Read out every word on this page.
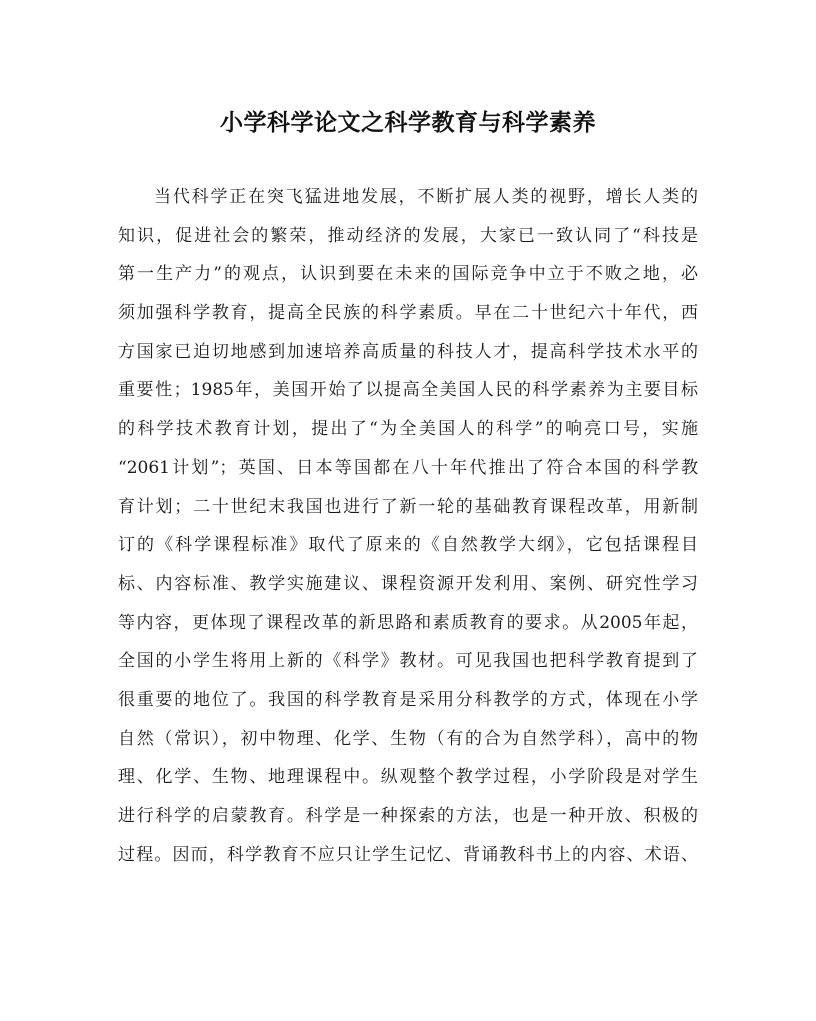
小学科学论文之科学教育与科学素养
当代科学正在突飞猛进地发展，不断扩展人类的视野，增长人类的
知识，促进社会的繁荣，推动经济的发展，大家已一致认同了“科技是
第一生产力”的观点，认识到要在未来的国际竞争中立于不败之地，必
须加强科学教育，提高全民族的科学素质。早在二十世纪六十年代，西
方国家已迫切地感到加速培养高质量的科技人才，提高科学技术水平的
重要性；1985年，美国开始了以提高全美国人民的科学素养为主要目标
的科学技术教育计划，提出了“为全美国人的科学”的响亮口号，实施
“2061计划”；英国、日本等国都在八十年代推出了符合本国的科学教
育计划；二十世纪末我国也进行了新一轮的基础教育课程改革，用新制
订的《科学课程标准》取代了原来的《自然教学大纲》，它包括课程目
标、内容标准、教学实施建议、课程资源开发利用、案例、研究性学习
等内容，更体现了课程改革的新思路和素质教育的要求。从2005年起，
全国的小学生将用上新的《科学》教材。可见我国也把科学教育提到了
很重要的地位了。我国的科学教育是采用分科教学的方式，体现在小学
自然（常识），初中物理、化学、生物（有的合为自然学科），高中的物
理、化学、生物、地理课程中。纵观整个教学过程，小学阶段是对学生
进行科学的启蒙教育。科学是一种探索的方法，也是一种开放、积极的
过程。因而，科学教育不应只让学生记忆、背诵教科书上的内容、术语、
